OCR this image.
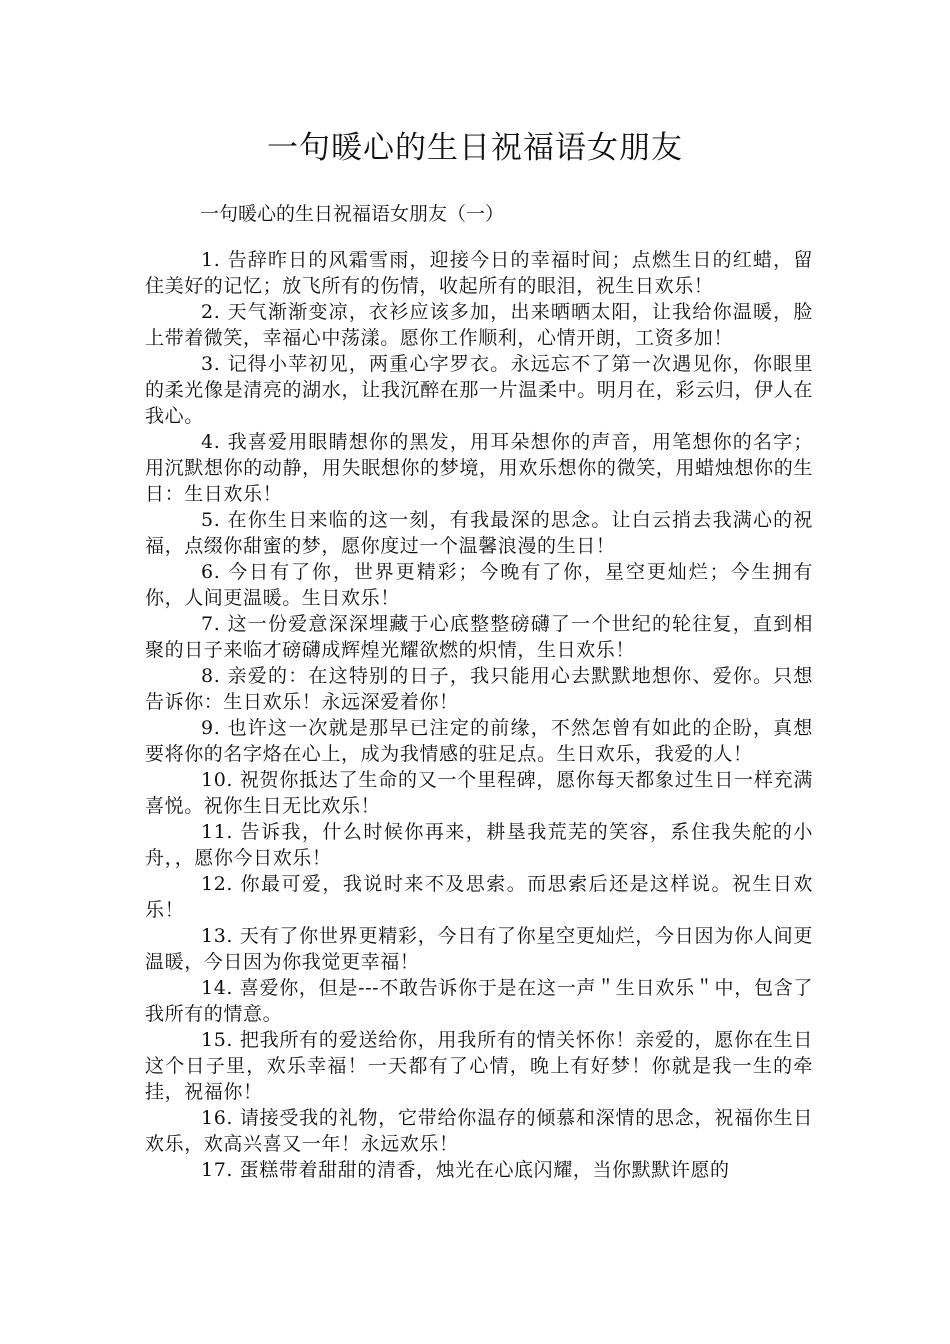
一句暖心的生日祝福语女朋友

一句暖心的生日祝福语女朋友（一）

1. 告辞昨日的风霜雪雨，迎接今日的幸福时间；点燃生日的红蜡，留住美好的记忆；放飞所有的伤情，收起所有的眼泪，祝生日欢乐！

2. 天气渐渐变凉，衣衫应该多加，出来晒晒太阳，让我给你温暖，脸上带着微笑，幸福心中荡漾。愿你工作顺利，心情开朗，工资多加！

3. 记得小苹初见，两重心字罗衣。永远忘不了第一次遇见你，你眼里的柔光像是清亮的湖水，让我沉醉在那一片温柔中。明月在，彩云归，伊人在我心。

4. 我喜爱用眼睛想你的黑发，用耳朵想你的声音，用笔想你的名字；用沉默想你的动静，用失眠想你的梦境，用欢乐想你的微笑，用蜡烛想你的生日：生日欢乐！

5. 在你生日来临的这一刻，有我最深的思念。让白云捎去我满心的祝福，点缀你甜蜜的梦，愿你度过一个温馨浪漫的生日！

6. 今日有了你，世界更精彩；今晚有了你，星空更灿烂；今生拥有你，人间更温暖。生日欢乐！

7. 这一份爱意深深埋藏于心底整整磅礴了一个世纪的轮往复，直到相聚的日子来临才磅礴成辉煌光耀欲燃的炽情，生日欢乐！

8. 亲爱的：在这特别的日子，我只能用心去默默地想你、爱你。只想告诉你：生日欢乐！永远深爱着你！

9. 也许这一次就是那早已注定的前缘，不然怎曾有如此的企盼，真想要将你的名字烙在心上，成为我情感的驻足点。生日欢乐，我爱的人！

10. 祝贺你抵达了生命的又一个里程碑，愿你每天都象过生日一样充满喜悦。祝你生日无比欢乐！

11. 告诉我，什么时候你再来，耕垦我荒芜的笑容，系住我失舵的小舟，，愿你今日欢乐！

12. 你最可爱，我说时来不及思索。而思索后还是这样说。祝生日欢乐！

13. 天有了你世界更精彩，今日有了你星空更灿烂，今日因为你人间更温暖，今日因为你我觉更幸福！

14. 喜爱你，但是---不敢告诉你于是在这一声＂生日欢乐＂中，包含了我所有的情意。

15. 把我所有的爱送给你，用我所有的情关怀你！亲爱的，愿你在生日这个日子里，欢乐幸福！一天都有了心情，晚上有好梦！你就是我一生的牵挂，祝福你！

16. 请接受我的礼物，它带给你温存的倾慕和深情的思念，祝福你生日欢乐，欢高兴喜又一年！永远欢乐！

17. 蛋糕带着甜甜的清香，烛光在心底闪耀，当你默默许愿的
